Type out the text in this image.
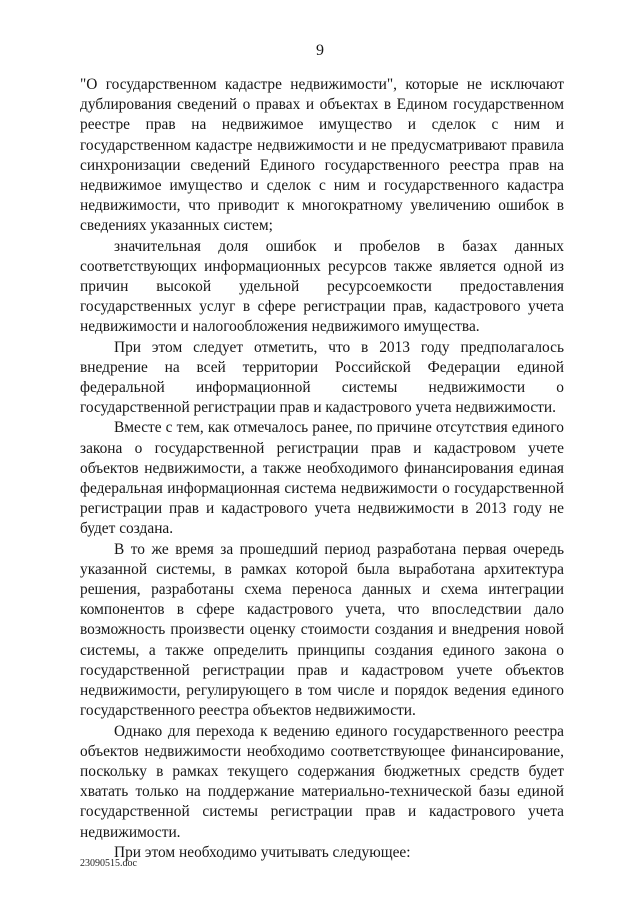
9

"О государственном кадастре недвижимости", которые не исключают дублирования сведений о правах и объектах в Едином государственном реестре прав на недвижимое имущество и сделок с ним и государственном кадастре недвижимости и не предусматривают правила синхронизации сведений Единого государственного реестра прав на недвижимое имущество и сделок с ним и государственного кадастра недвижимости, что приводит к многократному увеличению ошибок в сведениях указанных систем;

значительная доля ошибок и пробелов в базах данных соответствующих информационных ресурсов также является одной из причин высокой удельной ресурсоемкости предоставления государственных услуг в сфере регистрации прав, кадастрового учета недвижимости и налогообложения недвижимого имущества.

При этом следует отметить, что в 2013 году предполагалось внедрение на всей территории Российской Федерации единой федеральной информационной системы недвижимости о государственной регистрации прав и кадастрового учета недвижимости.

Вместе с тем, как отмечалось ранее, по причине отсутствия единого закона о государственной регистрации прав и кадастровом учете объектов недвижимости, а также необходимого финансирования единая федеральная информационная система недвижимости о государственной регистрации прав и кадастрового учета недвижимости в 2013 году не будет создана.

В то же время за прошедший период разработана первая очередь указанной системы, в рамках которой была выработана архитектура решения, разработаны схема переноса данных и схема интеграции компонентов в сфере кадастрового учета, что впоследствии дало возможность произвести оценку стоимости создания и внедрения новой системы, а также определить принципы создания единого закона о государственной регистрации прав и кадастровом учете объектов недвижимости, регулирующего в том числе и порядок ведения единого государственного реестра объектов недвижимости.

Однако для перехода к ведению единого государственного реестра объектов недвижимости необходимо соответствующее финансирование, поскольку в рамках текущего содержания бюджетных средств будет хватать только на поддержание материально-технической базы единой государственной системы регистрации прав и кадастрового учета недвижимости.

При этом необходимо учитывать следующее:

23090515.doc
